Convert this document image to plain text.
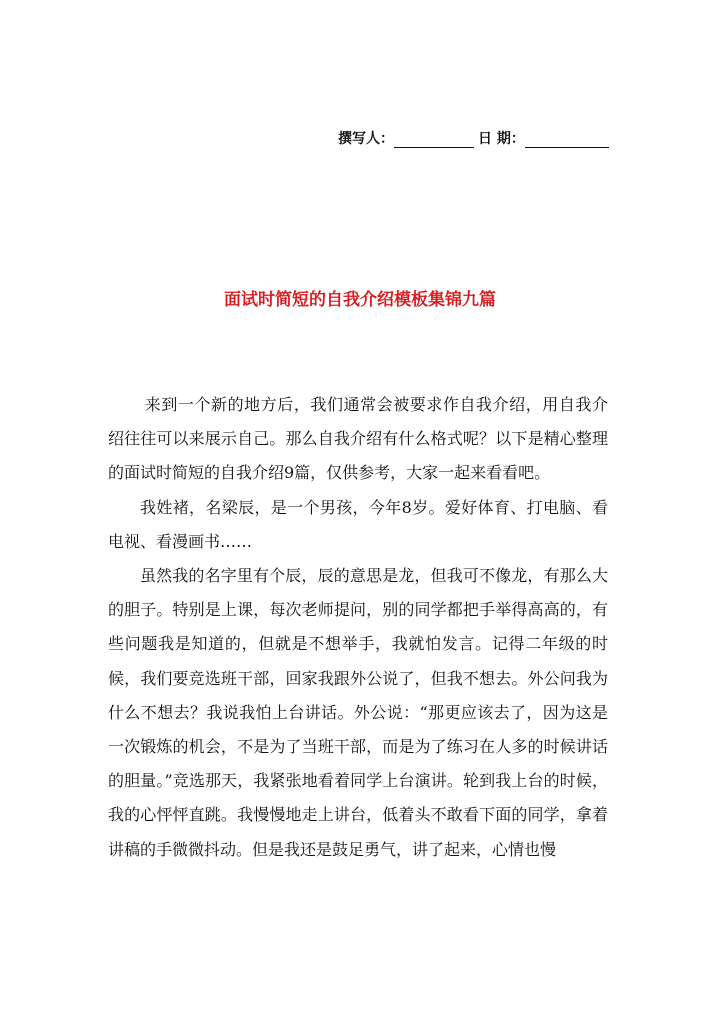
撰写人：	日 期：
面试时简短的自我介绍模板集锦九篇

来到一个新的地方后，我们通常会被要求作自我介绍，用自我介绍往往可以来展示自己。那么自我介绍有什么格式呢？以下是精心整理的面试时简短的自我介绍9篇，仅供参考，大家一起来看看吧。

我姓褚，名梁辰，是一个男孩，今年8岁。爱好体育、打电脑、看电视、看漫画书……

虽然我的名字里有个辰，辰的意思是龙，但我可不像龙，有那么大的胆子。特别是上课，每次老师提问，别的同学都把手举得高高的，有些问题我是知道的，但就是不想举手，我就怕发言。记得二年级的时候，我们要竞选班干部，回家我跟外公说了，但我不想去。外公问我为什么不想去？我说我怕上台讲话。外公说：“那更应该去了，因为这是一次锻炼的机会，不是为了当班干部，而是为了练习在人多的时候讲话的胆量。”竞选那天，我紧张地看着同学上台演讲。轮到我上台的时候，我的心怦怦直跳。我慢慢地走上讲台，低着头不敢看下面的同学，拿着讲稿的手微微抖动。但是我还是鼓足勇气，讲了起来，心情也慢
